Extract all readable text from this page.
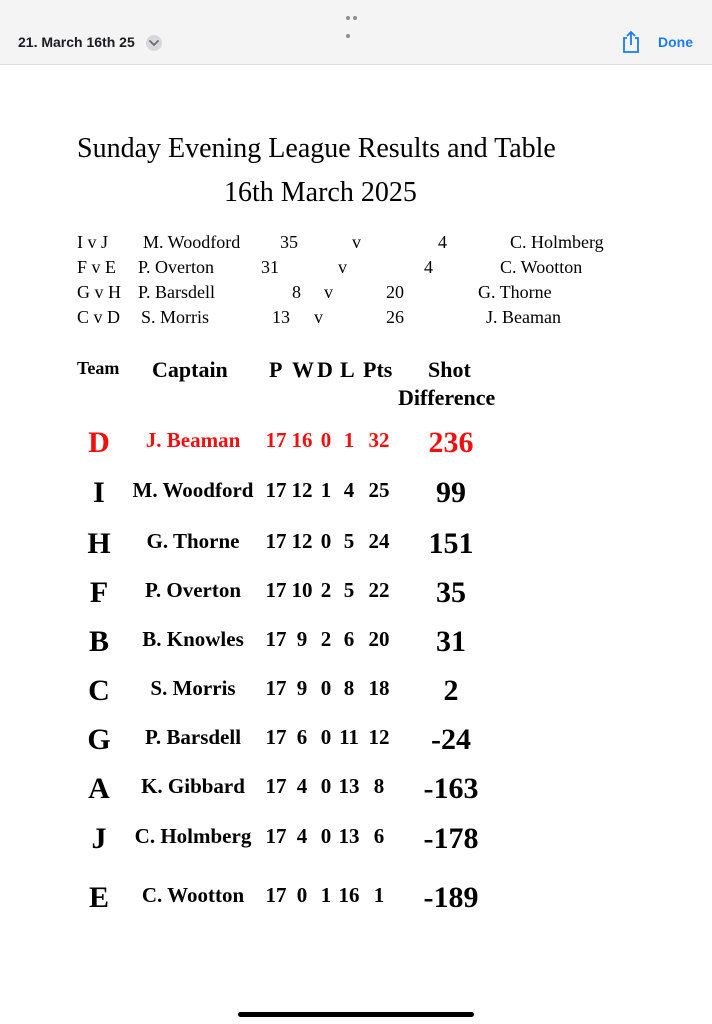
21. March 16th 25	Done
Sunday Evening League Results and Table
16th March 2025
I v J M. Woodford 35	v	4	C. Holmberg
F v E P. Overton	31	v	4	C. Wootton
G v H P. Barsdell	8 v	20	G. Thorne
C v D S. Morris	13 v	26	J. Beaman
Team Captain P W D L Pts Shot
Difference
D J. Beaman 17 16 0 1 32 236
I M. Woodford 17 12 1 4 25 99
H G. Thorne 17 12 0 5 24 151
F P. Overton 17 10 2 5 22 35
B B. Knowles 17 9 2 6 20 31
C S. Morris 17 9 0 8 18 2
G P. Barsdell 17 6 0 11 12 -24
A K. Gibbard 17 4 0 13 8 -163
J C. Holmberg 17 4 0 13 6 -178
E C. Wootton 17 0 1 16 1 -189
